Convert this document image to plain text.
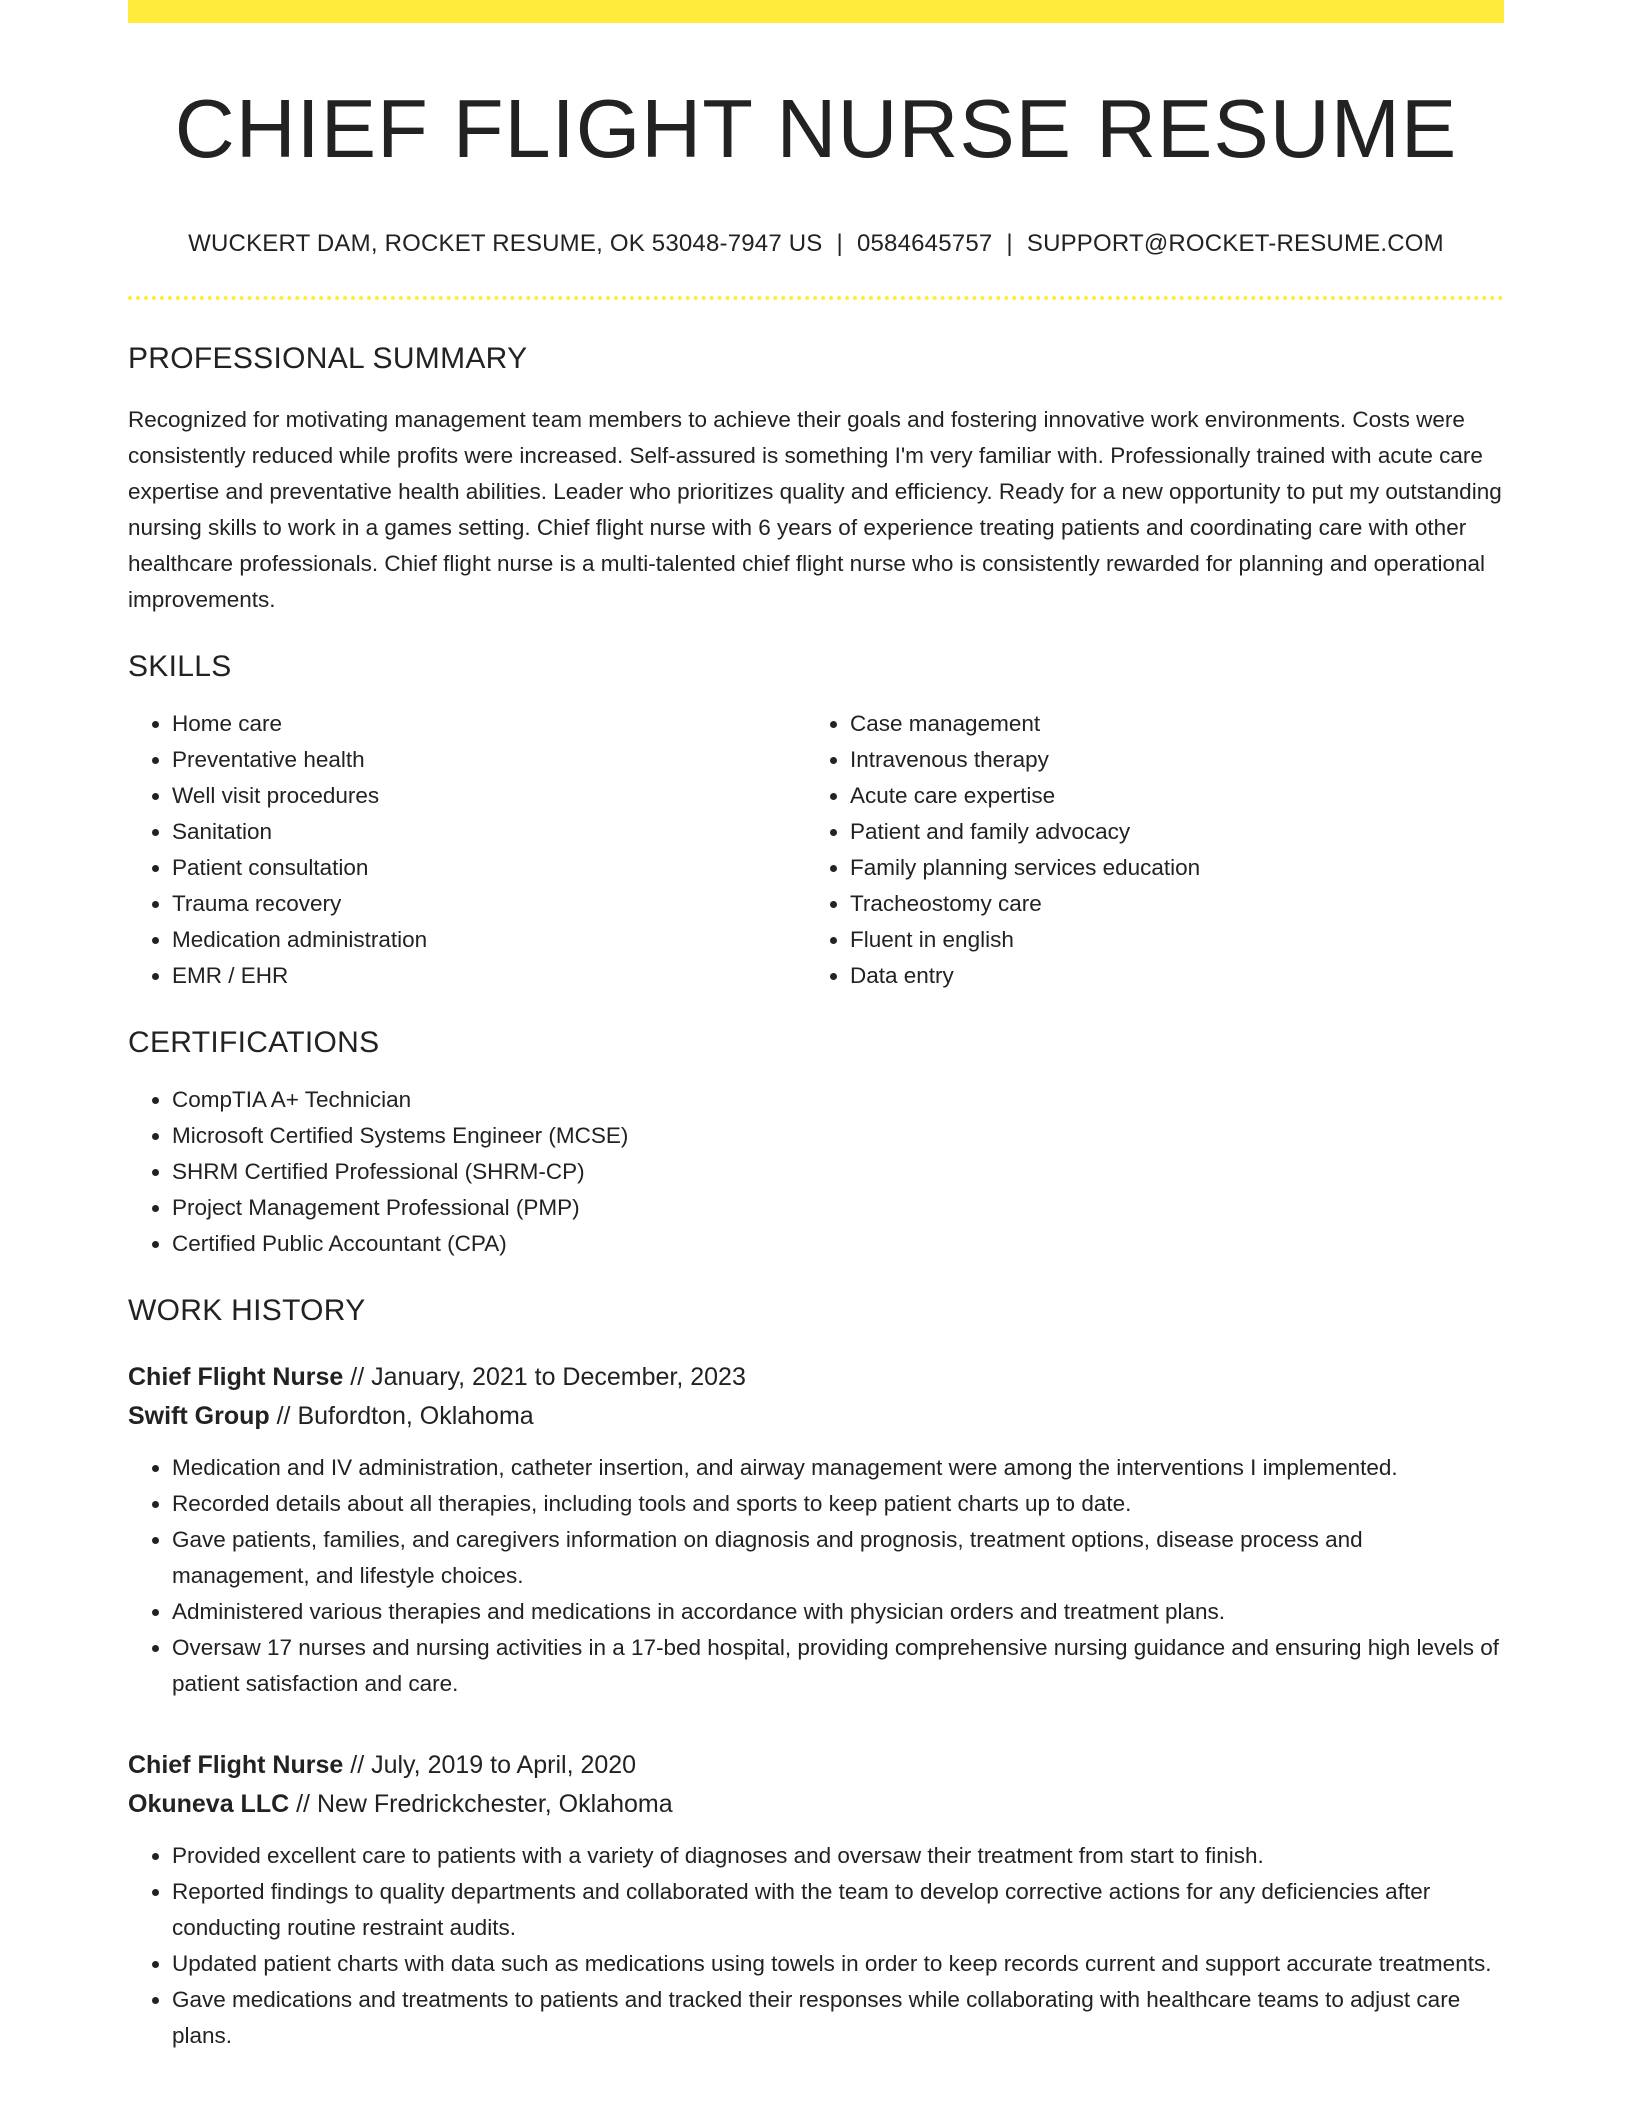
CHIEF FLIGHT NURSE RESUME
WUCKERT DAM, ROCKET RESUME, OK 53048-7947 US | 0584645757 | SUPPORT@ROCKET-RESUME.COM
PROFESSIONAL SUMMARY
Recognized for motivating management team members to achieve their goals and fostering innovative work environments. Costs were consistently reduced while profits were increased. Self-assured is something I'm very familiar with. Professionally trained with acute care expertise and preventative health abilities. Leader who prioritizes quality and efficiency. Ready for a new opportunity to put my outstanding nursing skills to work in a games setting. Chief flight nurse with 6 years of experience treating patients and coordinating care with other healthcare professionals. Chief flight nurse is a multi-talented chief flight nurse who is consistently rewarded for planning and operational improvements.
SKILLS
• Home care
• Preventative health
• Well visit procedures
• Sanitation
• Patient consultation
• Trauma recovery
• Medication administration
• EMR / EHR
• Case management
• Intravenous therapy
• Acute care expertise
• Patient and family advocacy
• Family planning services education
• Tracheostomy care
• Fluent in english
• Data entry
CERTIFICATIONS
• CompTIA A+ Technician
• Microsoft Certified Systems Engineer (MCSE)
• SHRM Certified Professional (SHRM-CP)
• Project Management Professional (PMP)
• Certified Public Accountant (CPA)
WORK HISTORY
Chief Flight Nurse // January, 2021 to December, 2023
Swift Group // Bufordton, Oklahoma
• Medication and IV administration, catheter insertion, and airway management were among the interventions I implemented.
• Recorded details about all therapies, including tools and sports to keep patient charts up to date.
• Gave patients, families, and caregivers information on diagnosis and prognosis, treatment options, disease process and management, and lifestyle choices.
• Administered various therapies and medications in accordance with physician orders and treatment plans.
• Oversaw 17 nurses and nursing activities in a 17-bed hospital, providing comprehensive nursing guidance and ensuring high levels of patient satisfaction and care.
Chief Flight Nurse // July, 2019 to April, 2020
Okuneva LLC // New Fredrickchester, Oklahoma
• Provided excellent care to patients with a variety of diagnoses and oversaw their treatment from start to finish.
• Reported findings to quality departments and collaborated with the team to develop corrective actions for any deficiencies after conducting routine restraint audits.
• Updated patient charts with data such as medications using towels in order to keep records current and support accurate treatments.
• Gave medications and treatments to patients and tracked their responses while collaborating with healthcare teams to adjust care plans.
